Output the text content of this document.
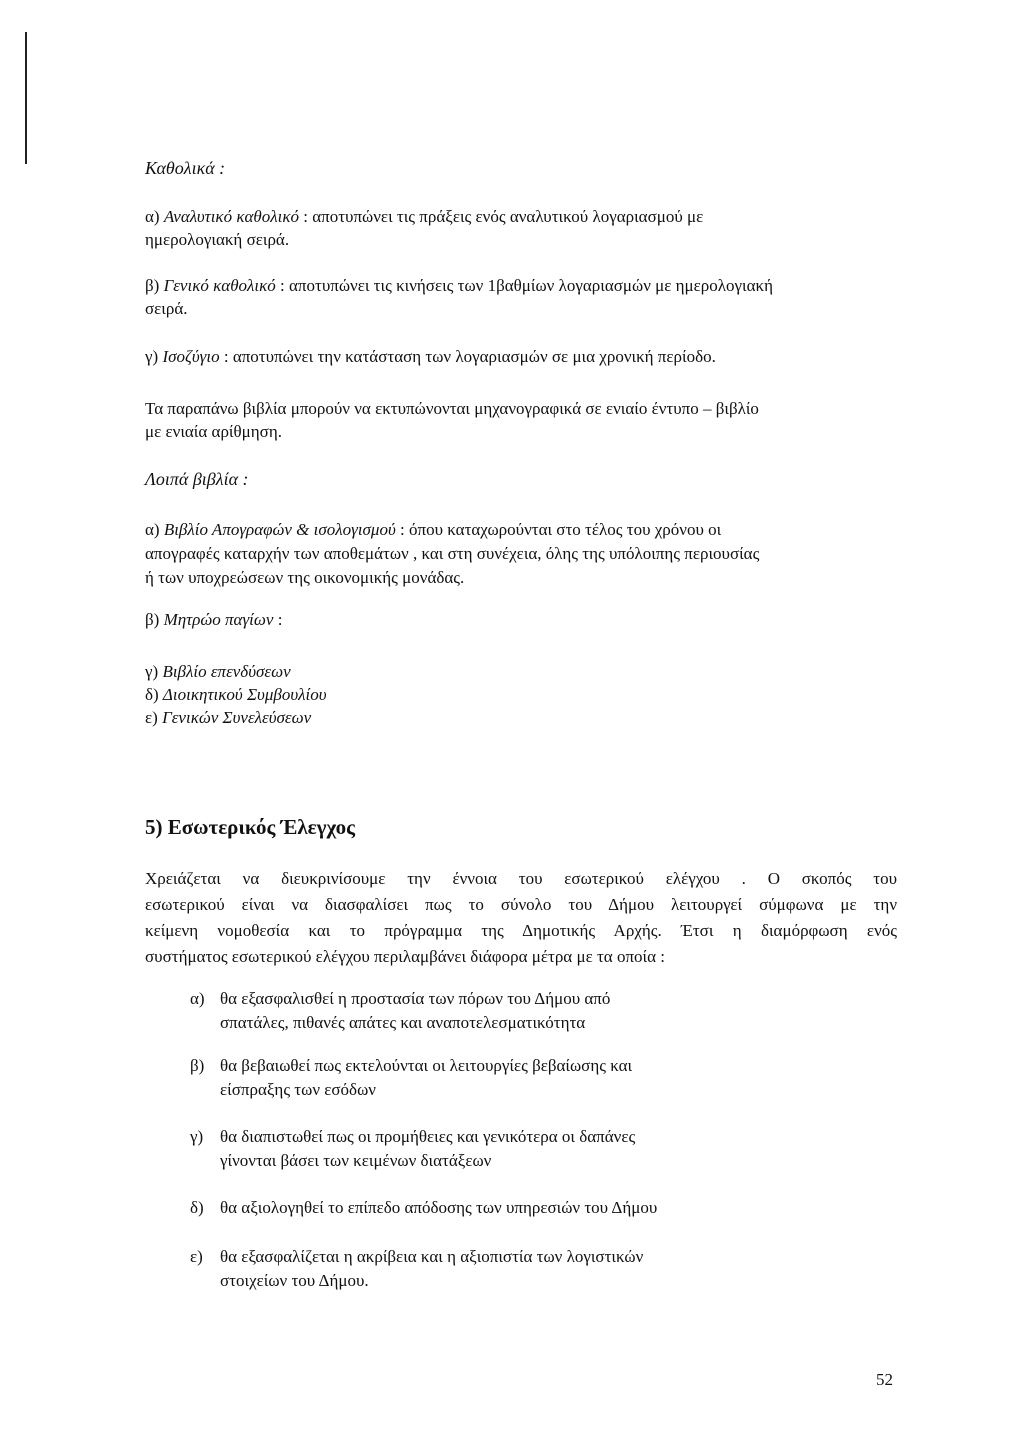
Καθολικά :

α) Αναλυτικό καθολικό : αποτυπώνει τις πράξεις ενός αναλυτικού λογαριασμού με

ημερολογιακή σειρά.

β) Γενικό καθολικό : αποτυπώνει τις κινήσεις των 1βαθμίων λογαριασμών με ημερολογιακή

σειρά.

γ) Ισοζύγιο : αποτυπώνει την κατάσταση των λογαριασμών σε μια χρονική περίοδο.

Τα παραπάνω βιβλία μπορούν να εκτυπώνονται μηχανογραφικά σε ενιαίο έντυπο – βιβλίο

με ενιαία αρίθμηση.

Λοιπά βιβλία :

α) Βιβλίο Απογραφών & ισολογισμού : όπου καταχωρούνται στο τέλος του χρόνου οι

απογραφές καταρχήν των αποθεμάτων , και στη συνέχεια, όλης της υπόλοιπης περιουσίας

ή των υποχρεώσεων της οικονομικής μονάδας.

β) Μητρώο παγίων :

γ) Βιβλίο επενδύσεων

δ) Διοικητικού Συμβουλίου

ε) Γενικών Συνελεύσεων

5) Εσωτερικός Έλεγχος

Χρειάζεται να διευκρινίσουμε την έννοια του εσωτερικού ελέγχου . Ο σκοπός του
εσωτερικού είναι να διασφαλίσει πως το σύνολο του Δήμου λειτουργεί σύμφωνα με την
κείμενη νομοθεσία και το πρόγραμμα της Δημοτικής Αρχής. Έτσι η διαμόρφωση ενός
συστήματος εσωτερικού ελέγχου περιλαμβάνει διάφορα μέτρα με τα οποία :

α) θα εξασφαλισθεί η προστασία των πόρων του Δήμου από

σπατάλες, πιθανές απάτες και αναποτελεσματικότητα

β) θα βεβαιωθεί πως εκτελούνται οι λειτουργίες βεβαίωσης και

είσπραξης των εσόδων

γ) θα διαπιστωθεί πως οι προμήθειες και γενικότερα οι δαπάνες

γίνονται βάσει των κειμένων διατάξεων

δ) θα αξιολογηθεί το επίπεδο απόδοσης των υπηρεσιών του Δήμου

ε) θα εξασφαλίζεται η ακρίβεια και η αξιοπιστία των λογιστικών

στοιχείων του Δήμου.

52
